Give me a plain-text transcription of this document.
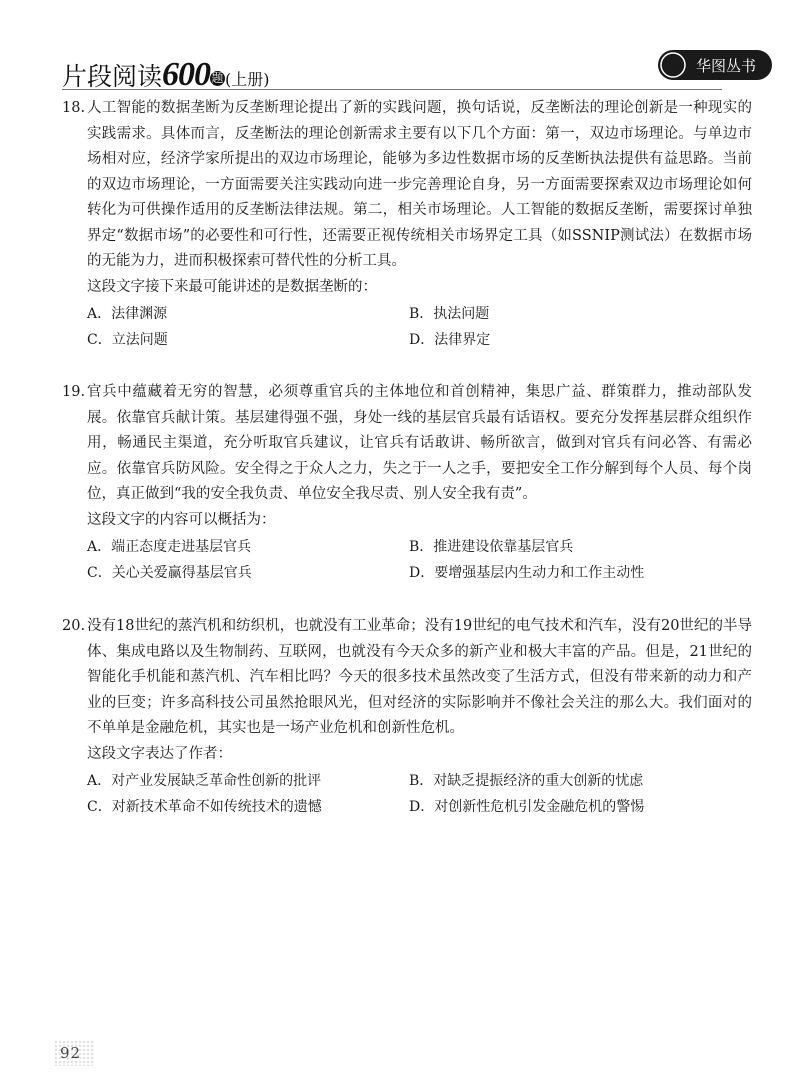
片段阅读600题(上册)
华图丛书
18. 人工智能的数据垄断为反垄断理论提出了新的实践问题，换句话说，反垄断法的理论创新是一种现实的实践需求。具体而言，反垄断法的理论创新需求主要有以下几个方面：第一，双边市场理论。与单边市场相对应，经济学家所提出的双边市场理论，能够为多边性数据市场的反垄断执法提供有益思路。当前的双边市场理论，一方面需要关注实践动向进一步完善理论自身，另一方面需要探索双边市场理论如何转化为可供操作适用的反垄断法律法规。第二，相关市场理论。人工智能的数据反垄断，需要探讨单独界定“数据市场”的必要性和可行性，还需要正视传统相关市场界定工具（如SSNIP测试法）在数据市场的无能为力，进而积极探索可替代性的分析工具。

这段文字接下来最可能讲述的是数据垄断的：

A．法律渊源	B．执法问题
C．立法问题	D．法律界定
19. 官兵中蕴藏着无穷的智慧，必须尊重官兵的主体地位和首创精神，集思广益、群策群力，推动部队发展。依靠官兵献计策。基层建得强不强，身处一线的基层官兵最有话语权。要充分发挥基层群众组织作用，畅通民主渠道，充分听取官兵建议，让官兵有话敢讲、畅所欲言，做到对官兵有问必答、有需必应。依靠官兵防风险。安全得之于众人之力，失之于一人之手，要把安全工作分解到每个人员、每个岗位，真正做到“我的安全我负责、单位安全我尽责、别人安全我有责”。

这段文字的内容可以概括为：

A．端正态度走进基层官兵	B．推进建设依靠基层官兵
C．关心关爱赢得基层官兵	D．要增强基层内生动力和工作主动性
20. 没有18世纪的蒸汽机和纺织机，也就没有工业革命；没有19世纪的电气技术和汽车，没有20世纪的半导体、集成电路以及生物制药、互联网，也就没有今天众多的新产业和极大丰富的产品。但是，21世纪的智能化手机能和蒸汽机、汽车相比吗？今天的很多技术虽然改变了生活方式，但没有带来新的动力和产业的巨变；许多高科技公司虽然抢眼风光，但对经济的实际影响并不像社会关注的那么大。我们面对的不单单是金融危机，其实也是一场产业危机和创新性危机。

这段文字表达了作者：

A．对产业发展缺乏革命性创新的批评	B．对缺乏提振经济的重大创新的忧虑
C．对新技术革命不如传统技术的遗憾	D．对创新性危机引发金融危机的警惕
92
